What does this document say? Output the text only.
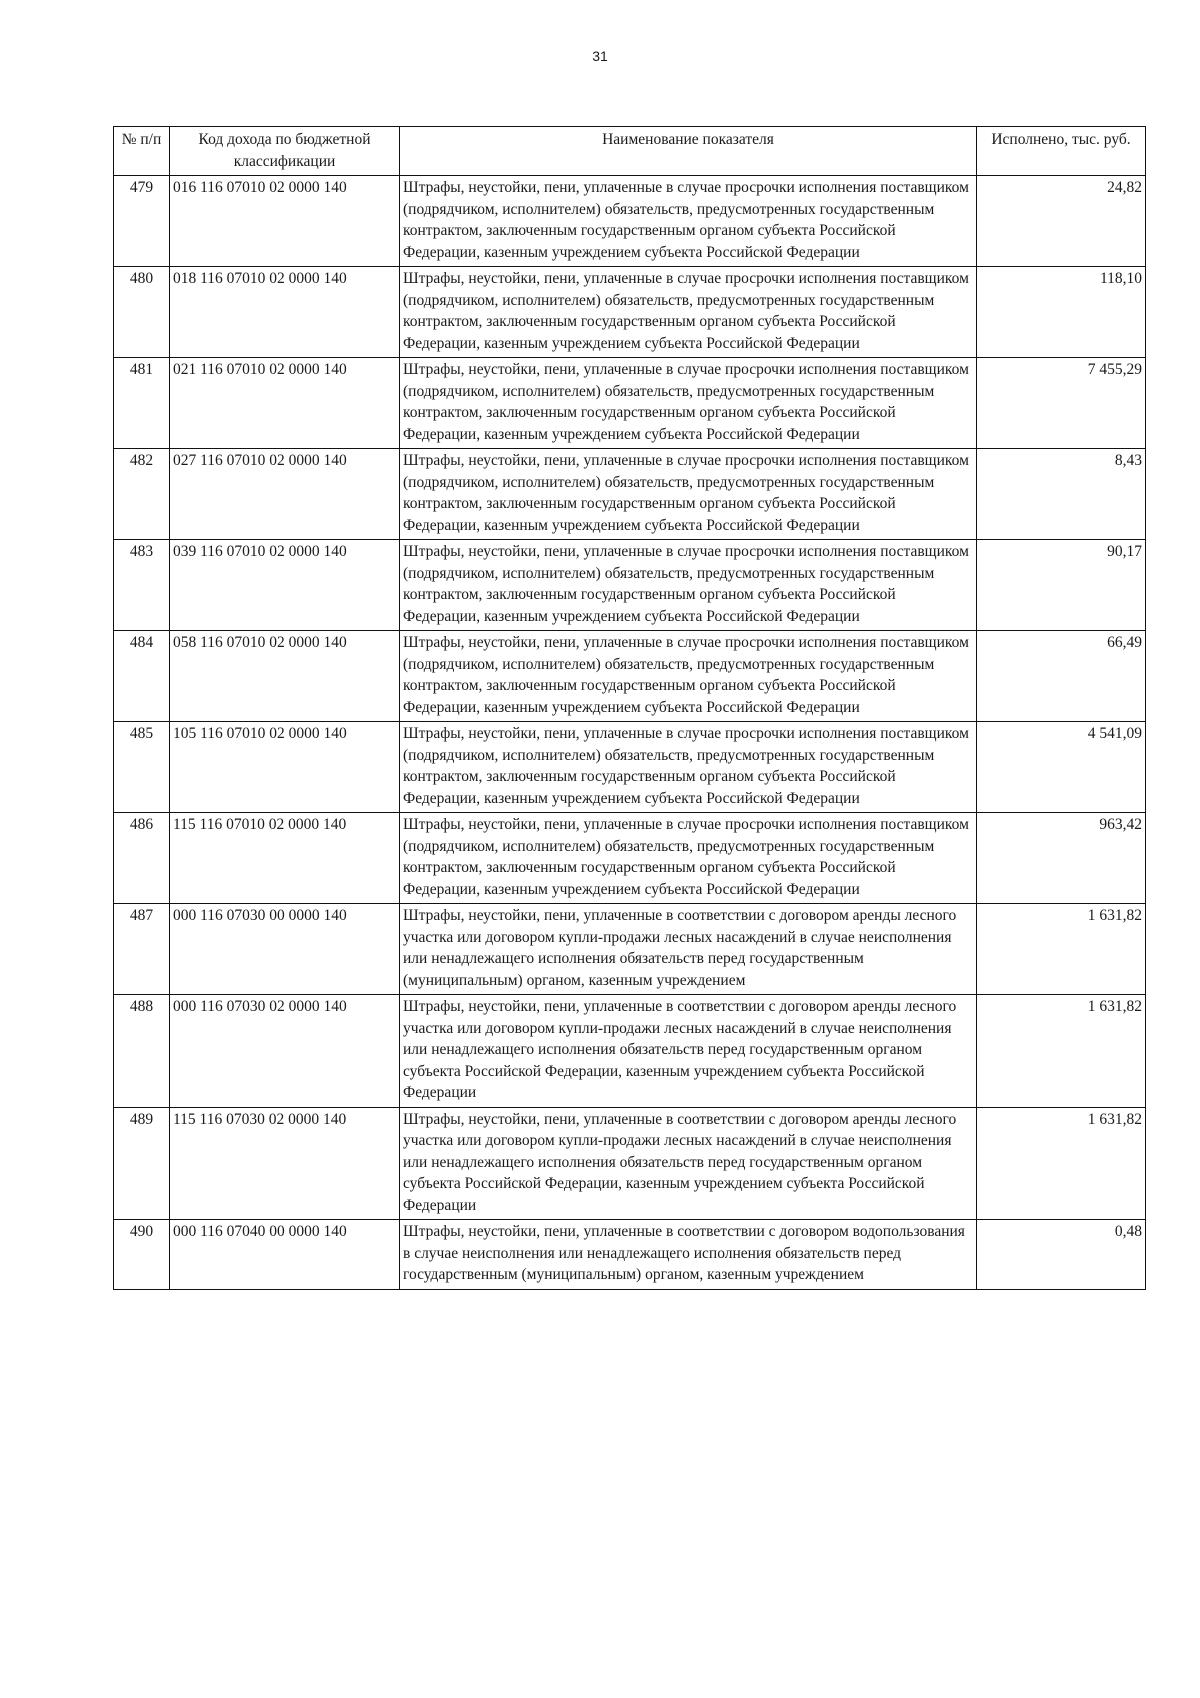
31
№ п/п	Код дохода по бюджетной классификации	Наименование показателя	Исполнено, тыс. руб.
479	016 116 07010 02 0000 140	Штрафы, неустойки, пени, уплаченные в случае просрочки исполнения поставщиком (подрядчиком, исполнителем) обязательств, предусмотренных государственным контрактом, заключенным государственным органом субъекта Российской Федерации, казенным учреждением субъекта Российской Федерации	24,82
480	018 116 07010 02 0000 140	Штрафы, неустойки, пени, уплаченные в случае просрочки исполнения поставщиком (подрядчиком, исполнителем) обязательств, предусмотренных государственным контрактом, заключенным государственным органом субъекта Российской Федерации, казенным учреждением субъекта Российской Федерации	118,10
481	021 116 07010 02 0000 140	Штрафы, неустойки, пени, уплаченные в случае просрочки исполнения поставщиком (подрядчиком, исполнителем) обязательств, предусмотренных государственным контрактом, заключенным государственным органом субъекта Российской Федерации, казенным учреждением субъекта Российской Федерации	7 455,29
482	027 116 07010 02 0000 140	Штрафы, неустойки, пени, уплаченные в случае просрочки исполнения поставщиком (подрядчиком, исполнителем) обязательств, предусмотренных государственным контрактом, заключенным государственным органом субъекта Российской Федерации, казенным учреждением субъекта Российской Федерации	8,43
483	039 116 07010 02 0000 140	Штрафы, неустойки, пени, уплаченные в случае просрочки исполнения поставщиком (подрядчиком, исполнителем) обязательств, предусмотренных государственным контрактом, заключенным государственным органом субъекта Российской Федерации, казенным учреждением субъекта Российской Федерации	90,17
484	058 116 07010 02 0000 140	Штрафы, неустойки, пени, уплаченные в случае просрочки исполнения поставщиком (подрядчиком, исполнителем) обязательств, предусмотренных государственным контрактом, заключенным государственным органом субъекта Российской Федерации, казенным учреждением субъекта Российской Федерации	66,49
485	105 116 07010 02 0000 140	Штрафы, неустойки, пени, уплаченные в случае просрочки исполнения поставщиком (подрядчиком, исполнителем) обязательств, предусмотренных государственным контрактом, заключенным государственным органом субъекта Российской Федерации, казенным учреждением субъекта Российской Федерации	4 541,09
486	115 116 07010 02 0000 140	Штрафы, неустойки, пени, уплаченные в случае просрочки исполнения поставщиком (подрядчиком, исполнителем) обязательств, предусмотренных государственным контрактом, заключенным государственным органом субъекта Российской Федерации, казенным учреждением субъекта Российской Федерации	963,42
487	000 116 07030 00 0000 140	Штрафы, неустойки, пени, уплаченные в соответствии с договором аренды лесного участка или договором купли-продажи лесных насаждений в случае неисполнения или ненадлежащего исполнения обязательств перед государственным (муниципальным) органом, казенным учреждением	1 631,82
488	000 116 07030 02 0000 140	Штрафы, неустойки, пени, уплаченные в соответствии с договором аренды лесного участка или договором купли-продажи лесных насаждений в случае неисполнения или ненадлежащего исполнения обязательств перед государственным органом субъекта Российской Федерации, казенным учреждением субъекта Российской Федерации	1 631,82
489	115 116 07030 02 0000 140	Штрафы, неустойки, пени, уплаченные в соответствии с договором аренды лесного участка или договором купли-продажи лесных насаждений в случае неисполнения или ненадлежащего исполнения обязательств перед государственным органом субъекта Российской Федерации, казенным учреждением субъекта Российской Федерации	1 631,82
490	000 116 07040 00 0000 140	Штрафы, неустойки, пени, уплаченные в соответствии с договором водопользования в случае неисполнения или ненадлежащего исполнения обязательств перед государственным (муниципальным) органом, казенным учреждением	0,48
